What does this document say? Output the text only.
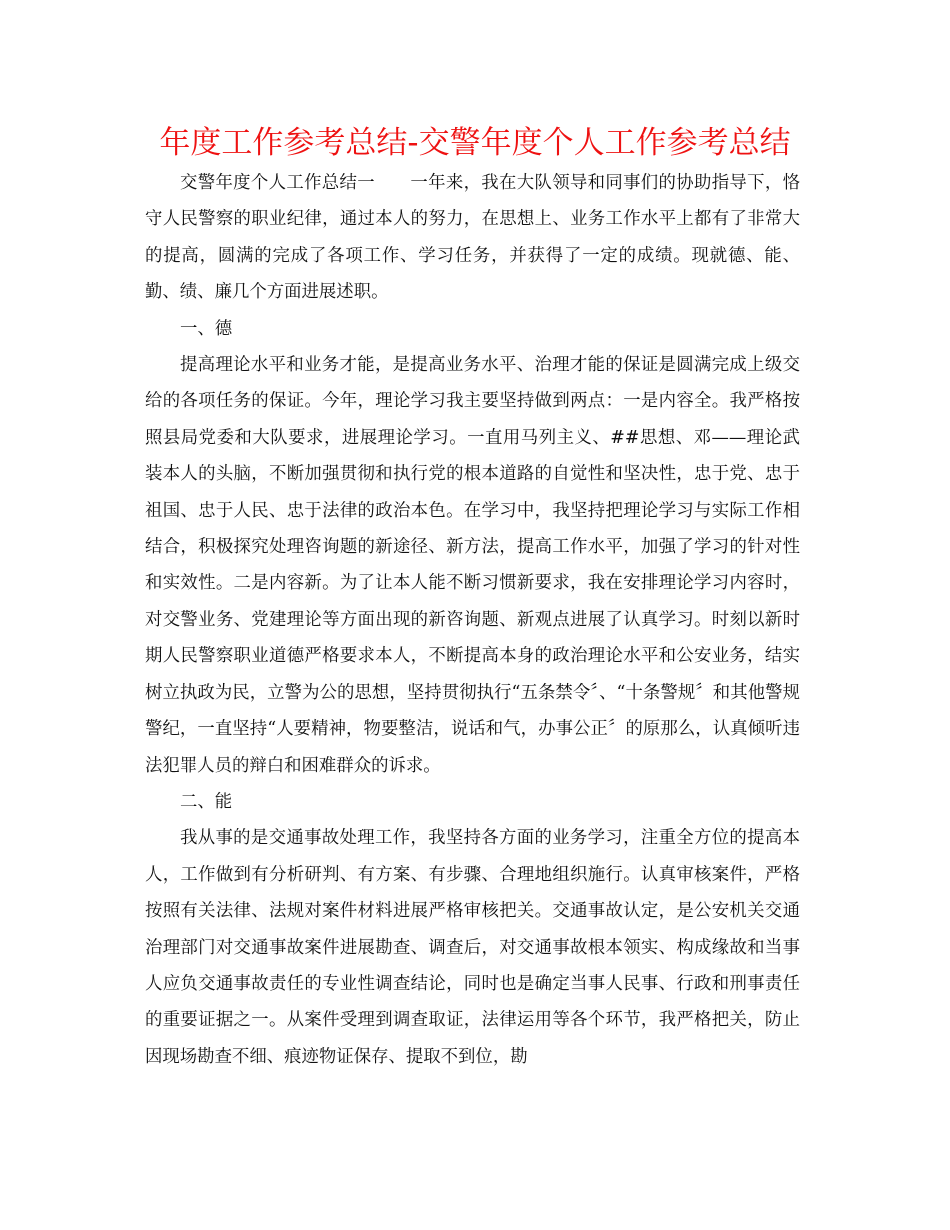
年度工作参考总结-交警年度个人工作参考总结

交警年度个人工作总结一　　一年来，我在大队领导和同事们的协助指导下，恪守人民警察的职业纪律，通过本人的努力，在思想上、业务工作水平上都有了非常大的提高，圆满的完成了各项工作、学习任务，并获得了一定的成绩。现就德、能、勤、绩、廉几个方面进展述职。

一、德

提高理论水平和业务才能，是提高业务水平、治理才能的保证是圆满完成上级交给的各项任务的保证。今年，理论学习我主要坚持做到两点：一是内容全。我严格按照县局党委和大队要求，进展理论学习。一直用马列主义、##思想、邓——理论武装本人的头脑，不断加强贯彻和执行党的根本道路的自觉性和坚决性，忠于党、忠于祖国、忠于人民、忠于法律的政治本色。在学习中，我坚持把理论学习与实际工作相结合，积极探究处理咨询题的新途径、新方法，提高工作水平，加强了学习的针对性和实效性。二是内容新。为了让本人能不断习惯新要求，我在安排理论学习内容时，对交警业务、党建理论等方面出现的新咨询题、新观点进展了认真学习。时刻以新时期人民警察职业道德严格要求本人，不断提高本身的政治理论水平和公安业务，结实树立执政为民，立警为公的思想，坚持贯彻执行“五条禁令〞、“十条警规〞和其他警规警纪，一直坚持“人要精神，物要整洁，说话和气，办事公正〞的原那么，认真倾听违法犯罪人员的辩白和困难群众的诉求。

二、能

我从事的是交通事故处理工作，我坚持各方面的业务学习，注重全方位的提高本人，工作做到有分析研判、有方案、有步骤、合理地组织施行。认真审核案件，严格按照有关法律、法规对案件材料进展严格审核把关。交通事故认定，是公安机关交通治理部门对交通事故案件进展勘查、调查后，对交通事故根本领实、构成缘故和当事人应负交通事故责任的专业性调查结论，同时也是确定当事人民事、行政和刑事责任的重要证据之一。从案件受理到调查取证，法律运用等各个环节，我严格把关，防止因现场勘查不细、痕迹物证保存、提取不到位，勘
